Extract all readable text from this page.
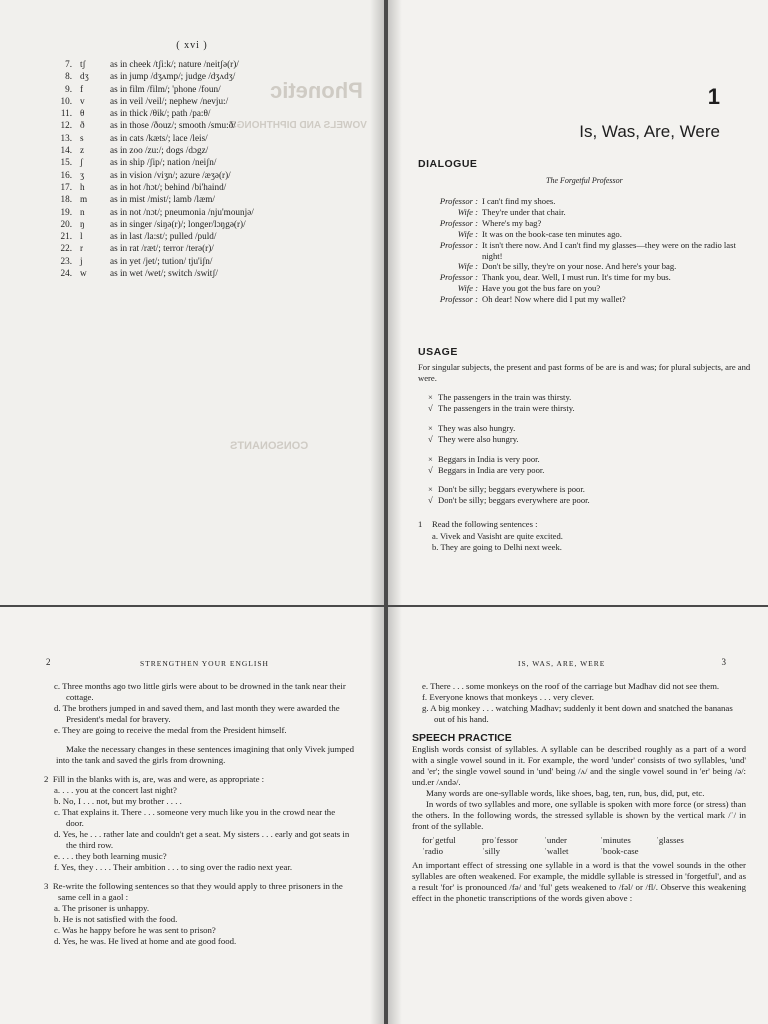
Phonetic
VOWELS AND DIPHTHONGS
CONSONANTS
( xvi )
7. tʃ	as in cheek /tʃi:k/; nature /neitʃə(r)/
8. dʒ	as in jump /dʒʌmp/; judge /dʒʌdʒ/
9. f	as in film /film/; 'phone /foun/
10. v	as in veil /veil/; nephew /nevju:/
11. θ	as in thick /θik/; path /pa:θ/
12. ð	as in those /ðouz/; smooth /smu:ð/
13. s	as in cats /kæts/; lace /leis/
14. z	as in zoo /zu:/; dogs /dɔgz/
15. ʃ	as in ship /ʃip/; nation /neiʃn/
16. ʒ	as in vision /viʒn/; azure /æʒə(r)/
17. h	as in hot /hɔt/; behind /bi'haind/
18. m	as in mist /mist/; lamb /læm/
19. n	as in not /nɔt/; pneumonia /nju'mounjə/
20. ŋ	as in singer /siŋə(r)/; longer/lɔŋgə(r)/
21. l	as in last /la:st/; pulled /puld/
22. r	as in rat /ræt/; terror /terə(r)/
23. j	as in yet /jet/; tution/ tju'iʃn/
24. w	as in wet /wet/; switch /switʃ/
1
Is, Was, Are, Were
DIALOGUE
The Forgetful Professor
Professor : I can't find my shoes.
Wife : They're under that chair.
Professor : Where's my bag?
Wife : It was on the book-case ten minutes ago.
Professor : It isn't there now. And I can't find my glasses—they were on the radio last night!
Wife : Don't be silly, they're on your nose. And here's your bag.
Professor : Thank you, dear. Well, I must run. It's time for my bus.
Wife : Have you got the bus fare on you?
Professor : Oh dear! Now where did I put my wallet?
USAGE
For singular subjects, the present and past forms of be are is and was; for plural subjects, are and were.
× The passengers in the train was thirsty.
√ The passengers in the train were thirsty.
× They was also hungry.
√ They were also hungry.
× Beggars in India is very poor.
√ Beggars in India are very poor.
× Don't be silly; beggars everywhere is poor.
√ Don't be silly; beggars everywhere are poor.
1 Read the following sentences :
a. Vivek and Vasisht are quite excited.
b. They are going to Delhi next week.
2	STRENGTHEN YOUR ENGLISH

c. Three months ago two little girls were about to be drowned in the tank near their cottage.

d. The brothers jumped in and saved them, and last month they were awarded the President's medal for bravery.

e. They are going to receive the medal from the President himself.

Make the necessary changes in these sentences imagining that only Vivek jumped into the tank and saved the girls from drowning.

2 Fill in the blanks with is, are, was and were, as appropriate :

a. . . . you at the concert last night?

b. No, I . . . not, but my brother . . . .

c. That explains it. There . . . someone very much like you in the crowd near the door.

d. Yes, he . . . rather late and couldn't get a seat. My sisters . . . early and got seats in the third row.

e. . . . they both learning music?

f. Yes, they . . . . Their ambition . . . to sing over the radio next year.

3 Re-write the following sentences so that they would apply to three prisoners in the same cell in a gaol :

a. The prisoner is unhappy.

b. He is not satisfied with the food.

c. Was he happy before he was sent to prison?

d. Yes, he was. He lived at home and ate good food.

IS, WAS, ARE, WERE	3

e. There . . . some monkeys on the roof of the carriage but Madhav did not see them.

f. Everyone knows that monkeys . . . very clever.

g. A big monkey . . . watching Madhav; suddenly it bent down and snatched the bananas out of his hand.

SPEECH PRACTICE

English words consist of syllables. A syllable can be described roughly as a part of a word with a single vowel sound in it. For example, the word 'under' consists of two syllables, 'und' and 'er'; the single vowel sound in 'und' being /ʌ/ and the single vowel sound in 'er' being /ə/: und.er /ʌndə/.

Many words are one-syllable words, like shoes, bag, ten, run, bus, did, put, etc.

In words of two syllables and more, one syllable is spoken with more force (or stress) than the others. In the following words, the stressed syllable is shown by the vertical mark /ˈ/ in front of the syllable.

forˈgetful	proˈfessor	ˈunder	ˈminutes	ˈglasses
ˈradio	ˈsilly	ˈwallet	ˈbook-case

An important effect of stressing one syllable in a word is that the vowel sounds in the other syllables are often weakened. For example, the middle syllable is stressed in 'forgetful', and as a result 'for' is pronounced /fə/ and 'ful' gets weakened to /fəl/ or /fl/. Observe this weakening effect in the phonetic transcriptions of the words given above :
